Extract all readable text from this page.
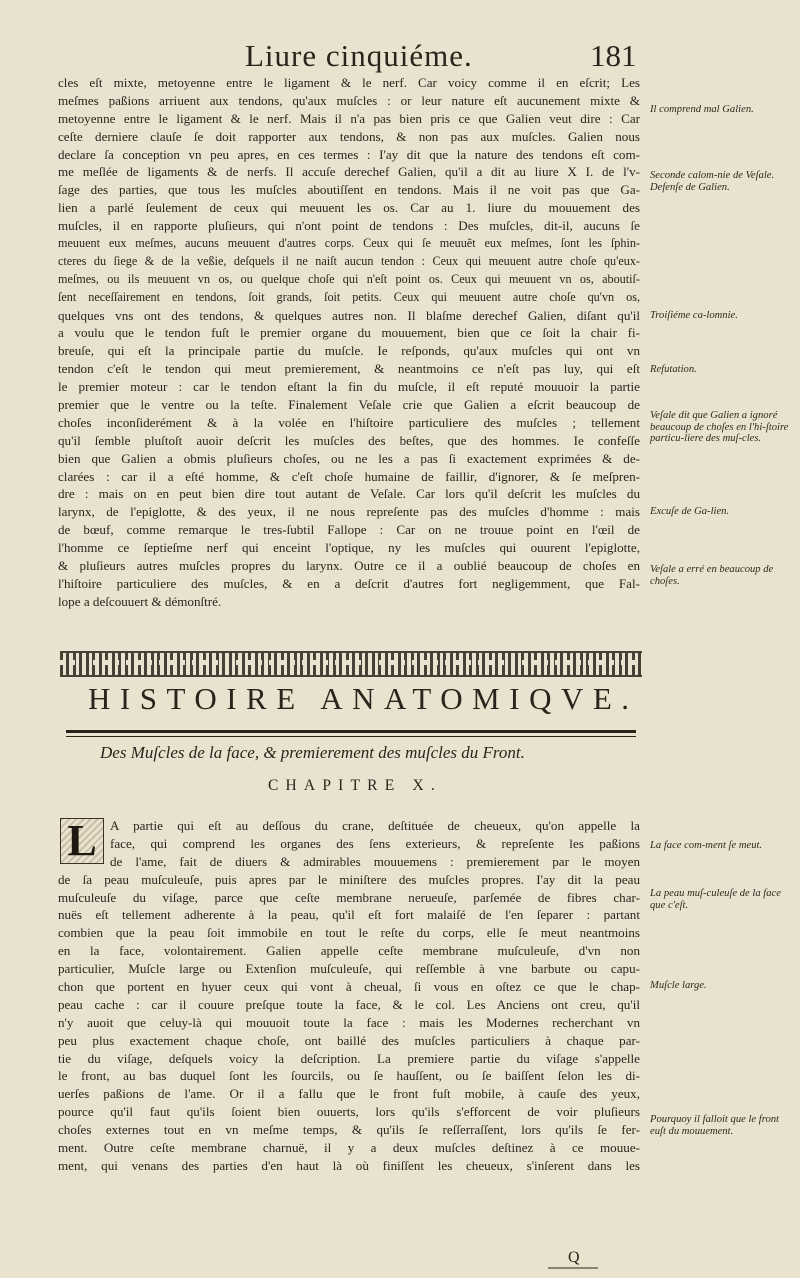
Liure cinquiéme.	181
cles eſt mixte, metoyenne entre le ligament & le nerf. Car voicy comme il en eſcrit; Les
meſmes paßions arriuent aux tendons, qu'aux muſcles : or leur nature eſt aucunement mixte &
metoyenne entre le ligament & le nerf. Mais il n'a pas bien pris ce que Galien veut dire : Car
ceſte derniere clauſe ſe doit rapporter aux tendons, & non pas aux muſcles. Galien nous
declare ſa conception vn peu apres, en ces termes : I'ay dit que la nature des tendons eſt com-
me meſlée de ligaments & de nerfs. Il accuſe derechef Galien, qu'il a dit au liure X I. de l'v-
ſage des parties, que tous les muſcles aboutiſſent en tendons. Mais il ne voit pas que Ga-
lien a parlé ſeulement de ceux qui meuuent les os. Car au 1. liure du mouuement des
muſcles, il en rapporte pluſieurs, qui n'ont point de tendons : Des muſcles, dit-il, aucuns ſe
meuuent eux meſmes, aucuns meuuent d'autres corps. Ceux qui ſe meuuẽt eux meſmes, ſont les ſphin-
cteres du ſiege & de la veßie, deſquels il ne naiſt aucun tendon : Ceux qui meuuent autre choſe qu'eux-
meſmes, ou ils meuuent vn os, ou quelque choſe qui n'eſt point os. Ceux qui meuuent vn os, aboutiſ-
ſent neceſſairement en tendons, ſoit grands, ſoit petits. Ceux qui meuuent autre choſe qu'vn os,
quelques vns ont des tendons, & quelques autres non. Il blaſme derechef Galien, diſant qu'il
a voulu que le tendon fuſt le premier organe du mouuement, bien que ce ſoit la chair fi-
breuſe, qui eſt la principale partie du muſcle. Ie reſponds, qu'aux muſcles qui ont vn
tendon c'eſt le tendon qui meut premierement, & neantmoins ce n'eſt pas luy, qui eſt
le premier moteur : car le tendon eſtant la fin du muſcle, il eſt reputé mouuoir la partie
premier que le ventre ou la teſte. Finalement Veſale crie que Galien a eſcrit beaucoup de
choſes inconſiderément & à la volée en l'hiſtoire particuliere des muſcles ; tellement
qu'il ſemble pluſtoſt auoir deſcrit les muſcles des beſtes, que des hommes. Ie confeſſe
bien que Galien a obmis pluſieurs choſes, ou ne les a pas ſi exactement exprimées & de-
clarées : car il a eſté homme, & c'eſt choſe humaine de faillir, d'ignorer, & ſe meſpren-
dre : mais on en peut bien dire tout autant de Veſale. Car lors qu'il deſcrit les muſcles du
larynx, de l'epiglotte, & des yeux, il ne nous repreſente pas des muſcles d'homme : mais
de bœuf, comme remarque le tres-ſubtil Fallope : Car on ne trouue point en l'œil de
l'homme ce ſeptieſme nerf qui enceint l'optique, ny les muſcles qui ouurent l'epiglotte,
& pluſieurs autres muſcles propres du larynx. Outre ce il a oublié beaucoup de choſes en
l'hiſtoire particuliere des muſcles, & en a deſcrit d'autres fort negligemment, que Fal-
lope a deſcouuert & démonſtré.
Il comprend mal Galien.
Seconde calom-nie de Veſale. Defenſe de Galien.
Troiſiéme ca-lomnie.
Refutation.
Veſale dit que Galien a ignoré beaucoup de choſes en l'hi-ſtoire particu-liere des muſ-cles.
Excuſe de Ga-lien.
Veſale a erré en beaucoup de choſes.
HISTOIRE ANATOMIQVE.
Des Muſcles de la face, & premierement des muſcles du Front.
CHAPITRE X.
L	A partie qui eſt au deſſous du crane, deſtituée de cheueux, qu'on appelle la
face, qui comprend les organes des ſens exterieurs, & repreſente les paßions
de l'ame, fait de diuers & admirables mouuemens : premierement par le moyen
de ſa peau muſculeuſe, puis apres par le miniſtere des muſcles propres. I'ay dit la peau
muſculeuſe du viſage, parce que ceſte membrane nerueuſe, parſemée de fibres char-
nuës eſt tellement adherente à la peau, qu'il eſt fort malaiſé de l'en ſeparer : partant
combien que la peau ſoit immobile en tout le reſte du corps, elle ſe meut neantmoins
en la face, volontairement. Galien appelle ceſte membrane muſculeuſe, d'vn non
particulier, Muſcle large ou Extenſion muſculeuſe, qui reſſemble à vne barbute ou capu-
chon que portent en hyuer ceux qui vont à cheual, ſi vous en oſtez ce que le chap-
peau cache : car il couure preſque toute la face, & le col. Les Anciens ont creu, qu'il
n'y auoit que celuy-là qui mouuoit toute la face : mais les Modernes recherchant vn
peu plus exactement chaque choſe, ont baillé des muſcles particuliers à chaque par-
tie du viſage, deſquels voicy la deſcription. La premiere partie du viſage s'appelle
le front, au bas duquel ſont les ſourcils, ou ſe hauſſent, ou ſe baiſſent ſelon les di-
uerſes paßions de l'ame. Or il a fallu que le front fuſt mobile, à cauſe des yeux,
pource qu'il faut qu'ils ſoient bien ouuerts, lors qu'ils s'efforcent de voir pluſieurs
choſes externes tout en vn meſme temps, & qu'ils ſe reſſerraſſent, lors qu'ils ſe fer-
ment. Outre ceſte membrane charnuë, il y a deux muſcles deſtinez à ce mouue-
ment, qui venans des parties d'en haut là où finiſſent les cheueux, s'inſerent dans les
La face com-ment ſe meut.
La peau muſ-culeuſe de la face que c'eſt.
Muſcle large.
Pourquoy il falloit que le front euſt du mouuement.
Q
